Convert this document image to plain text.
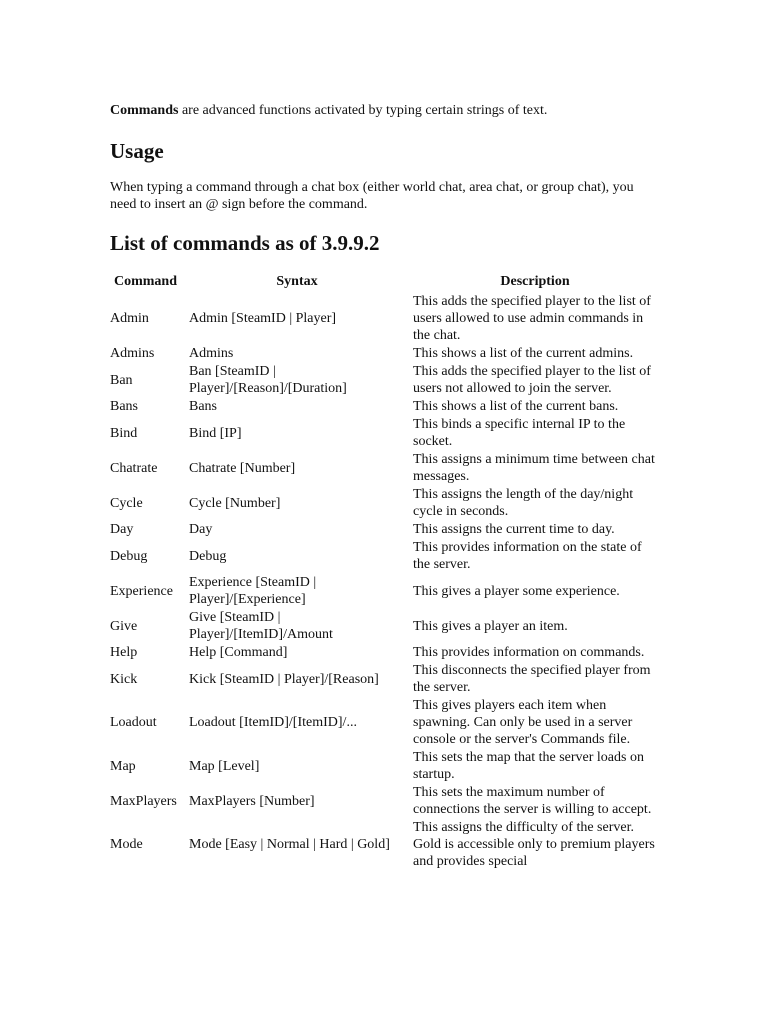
Commands are advanced functions activated by typing certain strings of text.

Usage

When typing a command through a chat box (either world chat, area chat, or group chat), you need to insert an @ sign before the command.

List of commands as of 3.9.9.2
Command	Syntax	Description
Admin	Admin [SteamID | Player]	This adds the specified player to the list of users allowed to use admin commands in the chat.
Admins	Admins	This shows a list of the current admins.
Ban	Ban [SteamID | Player]/[Reason]/[Duration]	This adds the specified player to the list of users not allowed to join the server.
Bans	Bans	This shows a list of the current bans.
Bind	Bind [IP]	This binds a specific internal IP to the socket.
Chatrate	Chatrate [Number]	This assigns a minimum time between chat messages.
Cycle	Cycle [Number]	This assigns the length of the day/night cycle in seconds.
Day	Day	This assigns the current time to day.
Debug	Debug	This provides information on the state of the server.
Experience	Experience [SteamID | Player]/[Experience]	This gives a player some experience.
Give	Give [SteamID | Player]/[ItemID]/Amount	This gives a player an item.
Help	Help [Command]	This provides information on commands.
Kick	Kick [SteamID | Player]/[Reason]	This disconnects the specified player from the server.
Loadout	Loadout [ItemID]/[ItemID]/...	This gives players each item when spawning. Can only be used in a server console or the server's Commands file.
Map	Map [Level]	This sets the map that the server loads on startup.
MaxPlayers	MaxPlayers [Number]	This sets the maximum number of connections the server is willing to accept.
Mode	Mode [Easy | Normal | Hard | Gold]	This assigns the difficulty of the server. Gold is accessible only to premium players and provides special
